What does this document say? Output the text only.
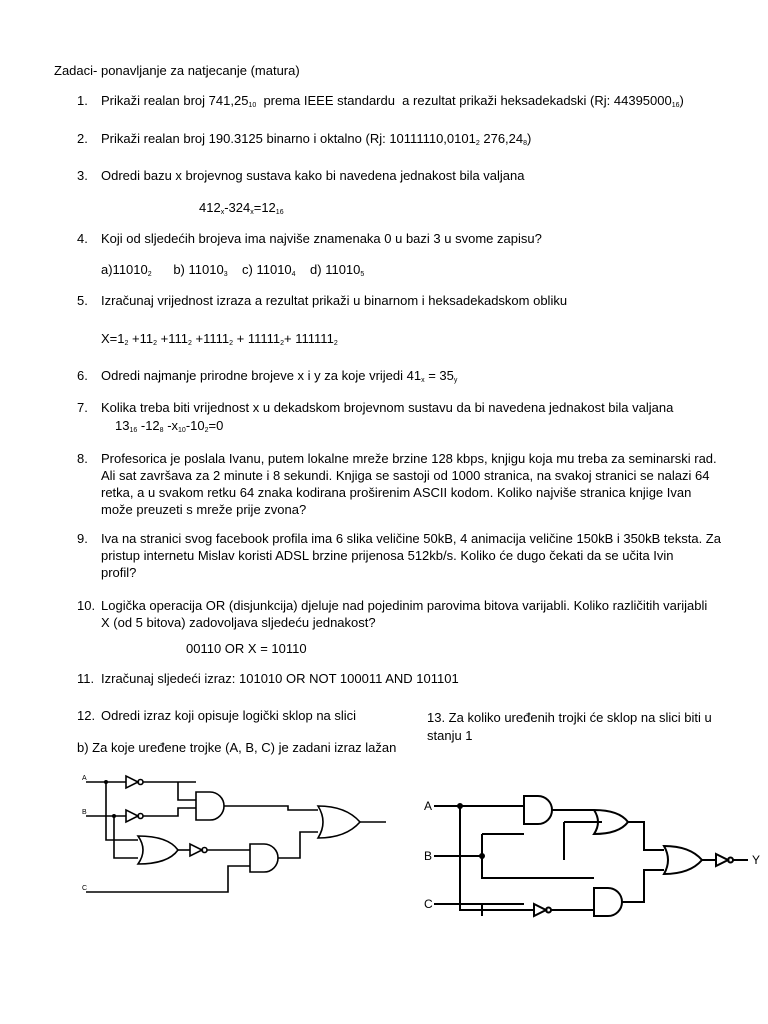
Zadaci- ponavljanje za natjecanje (matura)
1. Prikaži realan broj $741,25_{10}$  prema IEEE standardu  a rezultat prikaži heksadekadski (Rj: $44395000_{16}$)
2. Prikaži realan broj 190.3125 binarno i oktalno (Rj: $10111110,0101_2$ $276,24_8$)
3. Odredi bazu x brojevnog sustava kako bi navedena jednakost bila valjana
$412_x-324_x=12_{16}$
4. Koji od sljedećih brojeva ima najviše znamenaka 0 u bazi 3 u svome zapisu?
$a)11010_2$      b) $11010_3$    c) $11010_4$    d) $11010_5$
5. Izračunaj vrijednost izraza a rezultat prikaži u binarnom i heksadekadskom obliku
$X=1_2 +11_2 +111_2 +1111_2 + 11111_2+ 111111_2$
6. Odredi najmanje prirodne brojeve x i y za koje vrijedi $41_x = 35_y$
7. Kolika treba biti vrijednost x u dekadskom brojevnom sustavu da bi navedena jednakost bila valjana
$13_{16}$ $-12_8$ $-x_{10}-10_2=0$
8. Profesorica je poslala Ivanu, putem lokalne mreže brzine 128 kbps, knjigu koja mu treba za seminarski rad.
Ali sat završava za 2 minute i 8 sekundi. Knjiga se sastoji od 1000 stranica, na svakoj stranici se nalazi 64
retka, a u svakom retku 64 znaka kodirana proširenim ASCII kodom. Koliko najviše stranica knjige Ivan
može preuzeti s mreže prije zvona?
9. Iva na stranici svog facebook profila ima 6 slika veličine 50kB, 4 animacija veličine 150kB i 350kB teksta. Za
pristup internetu Mislav koristi ADSL brzine prijenosa 512kb/s. Koliko će dugo čekati da se učita Ivin
profil?
10. Logička operacija OR (disjunkcija) djeluje nad pojedinim parovima bitova varijabli. Koliko različitih varijabli
X (od 5 bitova) zadovoljava sljedeću jednakost?
00110 OR X = 10110
11. Izračunaj sljedeći izraz: 101010 OR NOT 100011 AND 101101
12. Odredi izraz koji opisuje logički sklop na slici
b) Za koje uređene trojke (A, B, C) je zadani izraz lažan
13. Za koliko uređenih trojki će sklop na slici biti u
stanju 1
A
B
C
A
B
C
Y
